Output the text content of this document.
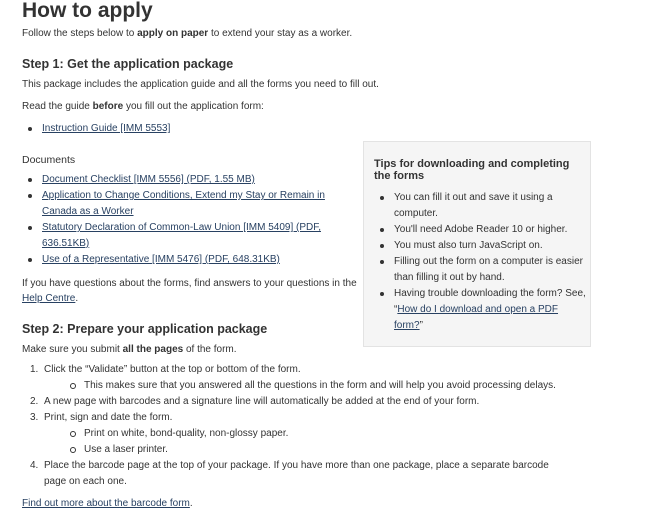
How to apply

Follow the steps below to apply on paper to extend your stay as a worker.

Step 1: Get the application package

This package includes the application guide and all the forms you need to fill out.

Read the guide before you fill out the application form:

Instruction Guide [IMM 5553]

Documents

Document Checklist [IMM 5556] (PDF, 1.55 MB)
Application to Change Conditions, Extend my Stay or Remain in Canada as a Worker
Statutory Declaration of Common-Law Union [IMM 5409] (PDF, 636.51KB)
Use of a Representative [IMM 5476] (PDF, 648.31KB)

If you have questions about the forms, find answers to your questions in the Help Centre.

Tips for downloading and completing the forms
You can fill it out and save it using a computer.
You'll need Adobe Reader 10 or higher.
You must also turn JavaScript on.
Filling out the form on a computer is easier than filling it out by hand.
Having trouble downloading the form? See, “How do I download and open a PDF form?”
Step 2: Prepare your application package

Make sure you submit all the pages of the form.

1. Click the “Validate” button at the top or bottom of the form.
This makes sure that you answered all the questions in the form and will help you avoid processing delays.
2. A new page with barcodes and a signature line will automatically be added at the end of your form.
3. Print, sign and date the form.
Print on white, bond-quality, non-glossy paper.
Use a laser printer.
4. Place the barcode page at the top of your package. If you have more than one package, place a separate barcode page on each one.

Find out more about the barcode form.
